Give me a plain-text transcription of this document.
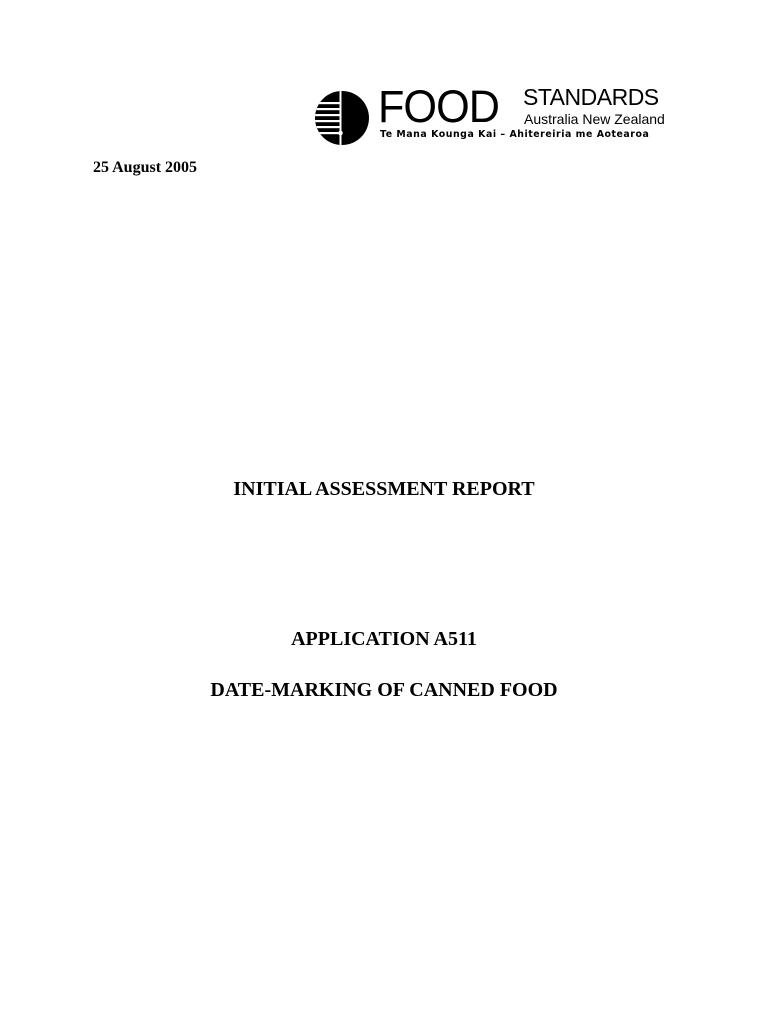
FOOD STANDARDS
Australia New Zealand
Te Mana Kounga Kai – Ahitereiria me Aotearoa
25 August 2005
INITIAL ASSESSMENT REPORT
APPLICATION A511
DATE-MARKING OF CANNED FOOD
